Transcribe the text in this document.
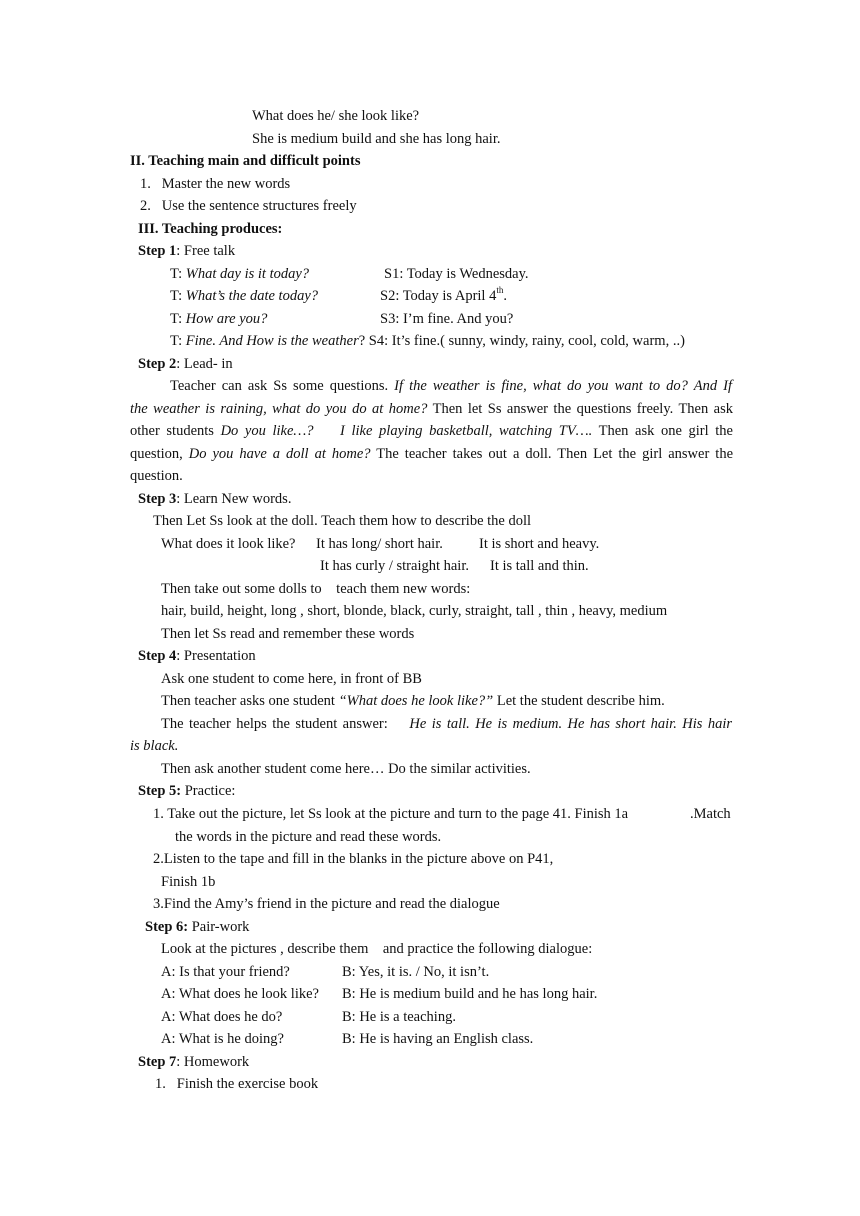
What does he/ she look like?
She is medium build and she has long hair.
II. Teaching main and difficult points
1.   Master the new words
2.   Use the sentence structures freely
III. Teaching produces:
Step 1: Free talk
T: What day is it today?	S1: Today is Wednesday.
T: What’s the date today?	S2: Today is April 4th.
T: How are you?	S3: I’m fine. And you?
T: Fine. And How is the weather? S4: It’s fine.( sunny, windy, rainy, cool, cold, warm, ..)
Step 2: Lead- in
Teacher can ask Ss some questions. If the weather is fine, what do you want to do? And If
the weather is raining, what do you do at home? Then let Ss answer the questions freely. Then ask
other students Do you like…?    I like playing basketball, watching TV…. Then ask one girl the
question, Do you have a doll at home? The teacher takes out a doll. Then Let the girl answer the
question.
Step 3: Learn New words.
Then Let Ss look at the doll. Teach them how to describe the doll
What does it look like? It has long/ short hair. It is short and heavy.
It has curly / straight hair. It is tall and thin.
Then take out some dolls to    teach them new words:
hair, build, height, long , short, blonde, black, curly, straight, tall , thin , heavy, medium
Then let Ss read and remember these words
Step 4: Presentation
Ask one student to come here, in front of BB
Then teacher asks one student “What does he look like?” Let the student describe him.
The teacher helps the student answer:    He is tall. He is medium. He has short hair. His hair
is black.
Then ask another student come here… Do the similar activities.
Step 5: Practice:
1. Take out the picture, let Ss look at the picture and turn to the page 41. Finish 1a	.Match
the words in the picture and read these words.
2.Listen to the tape and fill in the blanks in the picture above on P41,
Finish 1b
3.Find the Amy’s friend in the picture and read the dialogue
Step 6: Pair-work
Look at the pictures , describe them    and practice the following dialogue:
A: Is that your friend?	B: Yes, it is. / No, it isn’t.
A: What does he look like? B: He is medium build and he has long hair.
A: What does he do?	B: He is a teaching.
A: What is he doing?	B: He is having an English class.
Step 7: Homework
1.   Finish the exercise book
